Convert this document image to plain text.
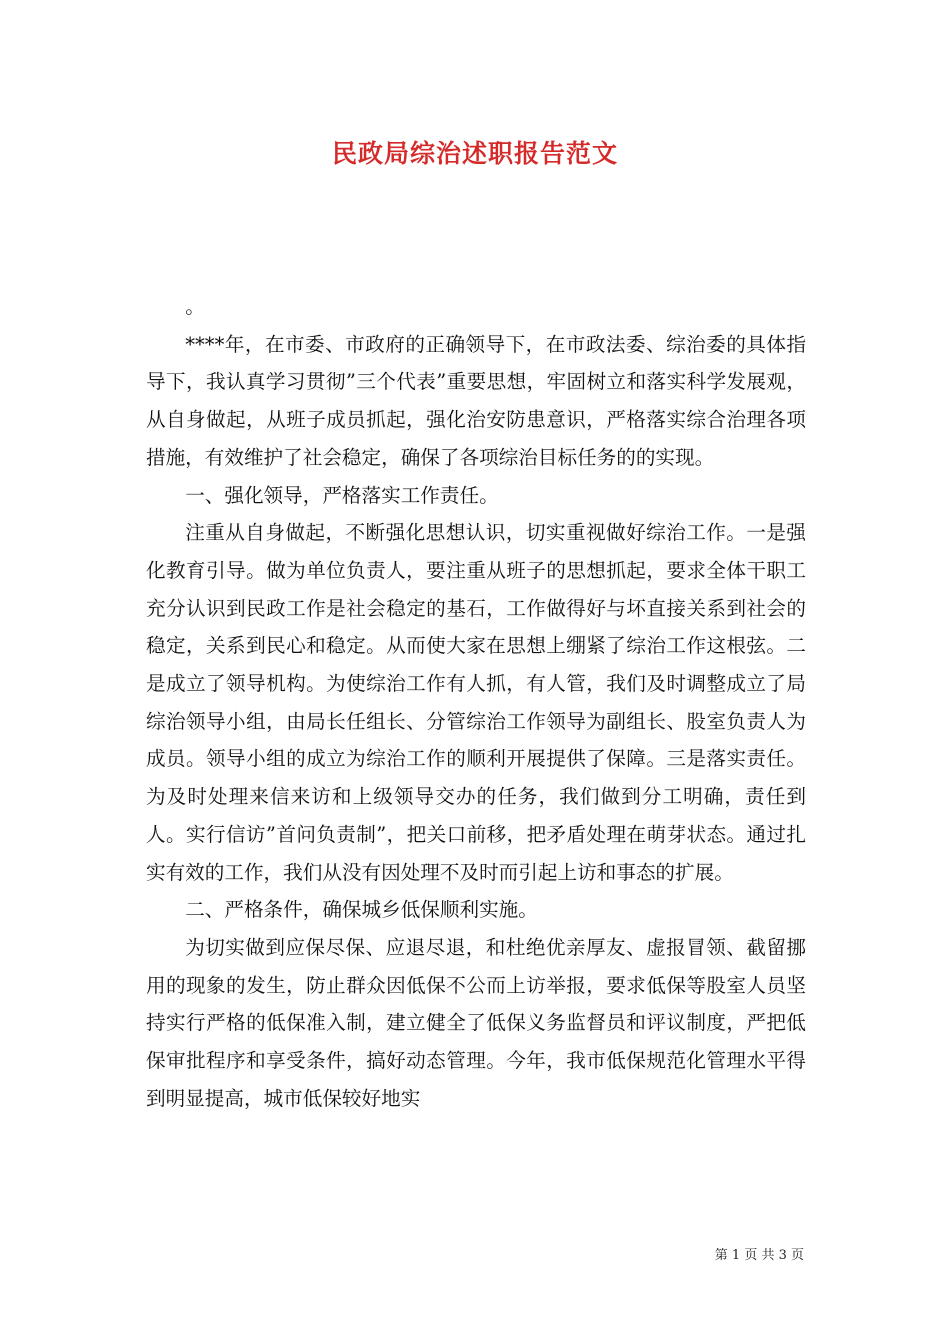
民政局综治述职报告范文

。

****年，在市委、市政府的正确领导下，在市政法委、综治委的具体指导下，我认真学习贯彻”三个代表”重要思想，牢固树立和落实科学发展观，从自身做起，从班子成员抓起，强化治安防患意识，严格落实综合治理各项措施，有效维护了社会稳定，确保了各项综治目标任务的的实现。

一、强化领导，严格落实工作责任。

注重从自身做起，不断强化思想认识，切实重视做好综治工作。一是强化教育引导。做为单位负责人，要注重从班子的思想抓起，要求全体干职工充分认识到民政工作是社会稳定的基石，工作做得好与坏直接关系到社会的稳定，关系到民心和稳定。从而使大家在思想上绷紧了综治工作这根弦。二是成立了领导机构。为使综治工作有人抓，有人管，我们及时调整成立了局综治领导小组，由局长任组长、分管综治工作领导为副组长、股室负责人为成员。领导小组的成立为综治工作的顺利开展提供了保障。三是落实责任。为及时处理来信来访和上级领导交办的任务，我们做到分工明确，责任到人。实行信访”首问负责制”，把关口前移，把矛盾处理在萌芽状态。通过扎实有效的工作，我们从没有因处理不及时而引起上访和事态的扩展。

二、严格条件，确保城乡低保顺利实施。

为切实做到应保尽保、应退尽退，和杜绝优亲厚友、虚报冒领、截留挪用的现象的发生，防止群众因低保不公而上访举报，要求低保等股室人员坚持实行严格的低保准入制，建立健全了低保义务监督员和评议制度，严把低保审批程序和享受条件，搞好动态管理。今年，我市低保规范化管理水平得到明显提高，城市低保较好地实

第 1 页 共 3 页
